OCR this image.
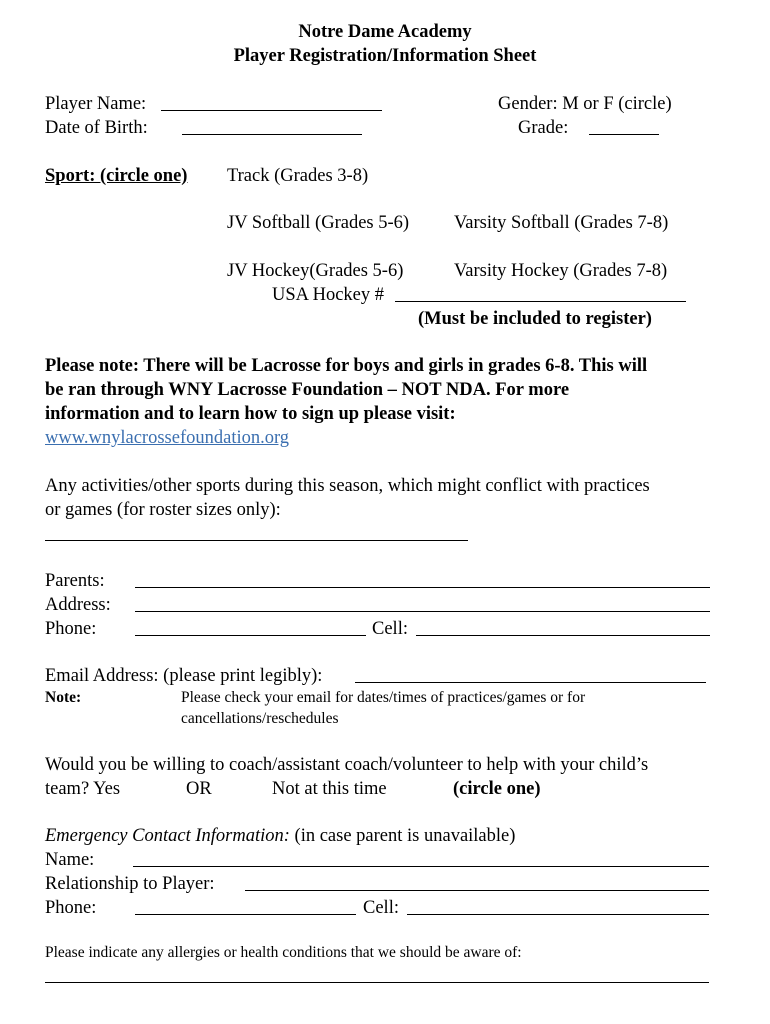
Notre Dame Academy
Player Registration/Information Sheet
Player Name:	Gender: M or F (circle)
Date of Birth:	Grade:
Sport: (circle one) Track (Grades 3-8)
JV Softball (Grades 5-6) Varsity Softball (Grades 7-8)
JV Hockey(Grades 5-6)	Varsity Hockey (Grades 7-8)
USA Hockey #
(Must be included to register)
Please note: There will be Lacrosse for boys and girls in grades 6-8. This will
be ran through WNY Lacrosse Foundation – NOT NDA. For more
information and to learn how to sign up please visit:
www.wnylacrossefoundation.org
Any activities/other sports during this season, which might conflict with practices
or games (for roster sizes only):
Parents:
Address:
Phone:	Cell:
Email Address: (please print legibly):
Note:	Please check your email for dates/times of practices/games or for
cancellations/reschedules
Would you be willing to coach/assistant coach/volunteer to help with your child’s
team? Yes	OR	Not at this time	(circle one)
Emergency Contact Information: (in case parent is unavailable)
Name:
Relationship to Player:
Phone:	Cell:
Please indicate any allergies or health conditions that we should be aware of:
